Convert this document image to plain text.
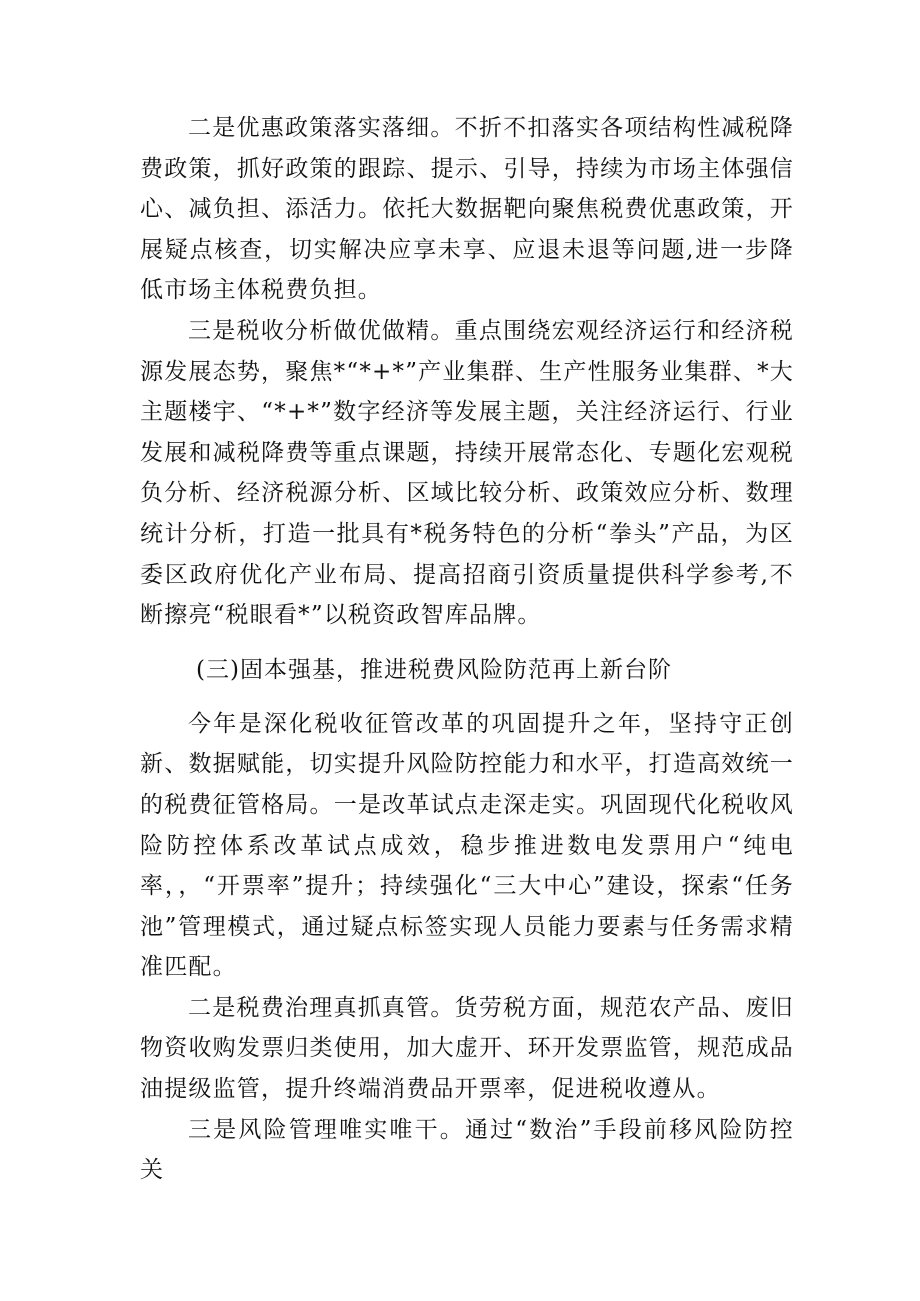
二是优惠政策落实落细。不折不扣落实各项结构性减税降费政策，抓好政策的跟踪、提示、引导，持续为市场主体强信心、减负担、添活力。依托大数据靶向聚焦税费优惠政策，开展疑点核查，切实解决应享未享、应退未退等问题,进一步降低市场主体税费负担。

三是税收分析做优做精。重点围绕宏观经济运行和经济税源发展态势，聚焦*“*+*”产业集群、生产性服务业集群、*大主题楼宇、“*+*”数字经济等发展主题，关注经济运行、行业发展和减税降费等重点课题，持续开展常态化、专题化宏观税负分析、经济税源分析、区域比较分析、政策效应分析、数理统计分析，打造一批具有*税务特色的分析“拳头”产品，为区委区政府优化产业布局、提高招商引资质量提供科学参考,不断擦亮“税眼看*”以税资政智库品牌。

(三)固本强基，推进税费风险防范再上新台阶

今年是深化税收征管改革的巩固提升之年，坚持守正创新、数据赋能，切实提升风险防控能力和水平，打造高效统一的税费征管格局。一是改革试点走深走实。巩固现代化税收风险防控体系改革试点成效，稳步推进数电发票用户“纯电率，，“开票率”提升；持续强化“三大中心”建设，探索“任务池”管理模式，通过疑点标签实现人员能力要素与任务需求精准匹配。

二是税费治理真抓真管。货劳税方面，规范农产品、废旧物资收购发票归类使用，加大虚开、环开发票监管，规范成品油提级监管，提升终端消费品开票率，促进税收遵从。

三是风险管理唯实唯干。通过“数治”手段前移风险防控关
